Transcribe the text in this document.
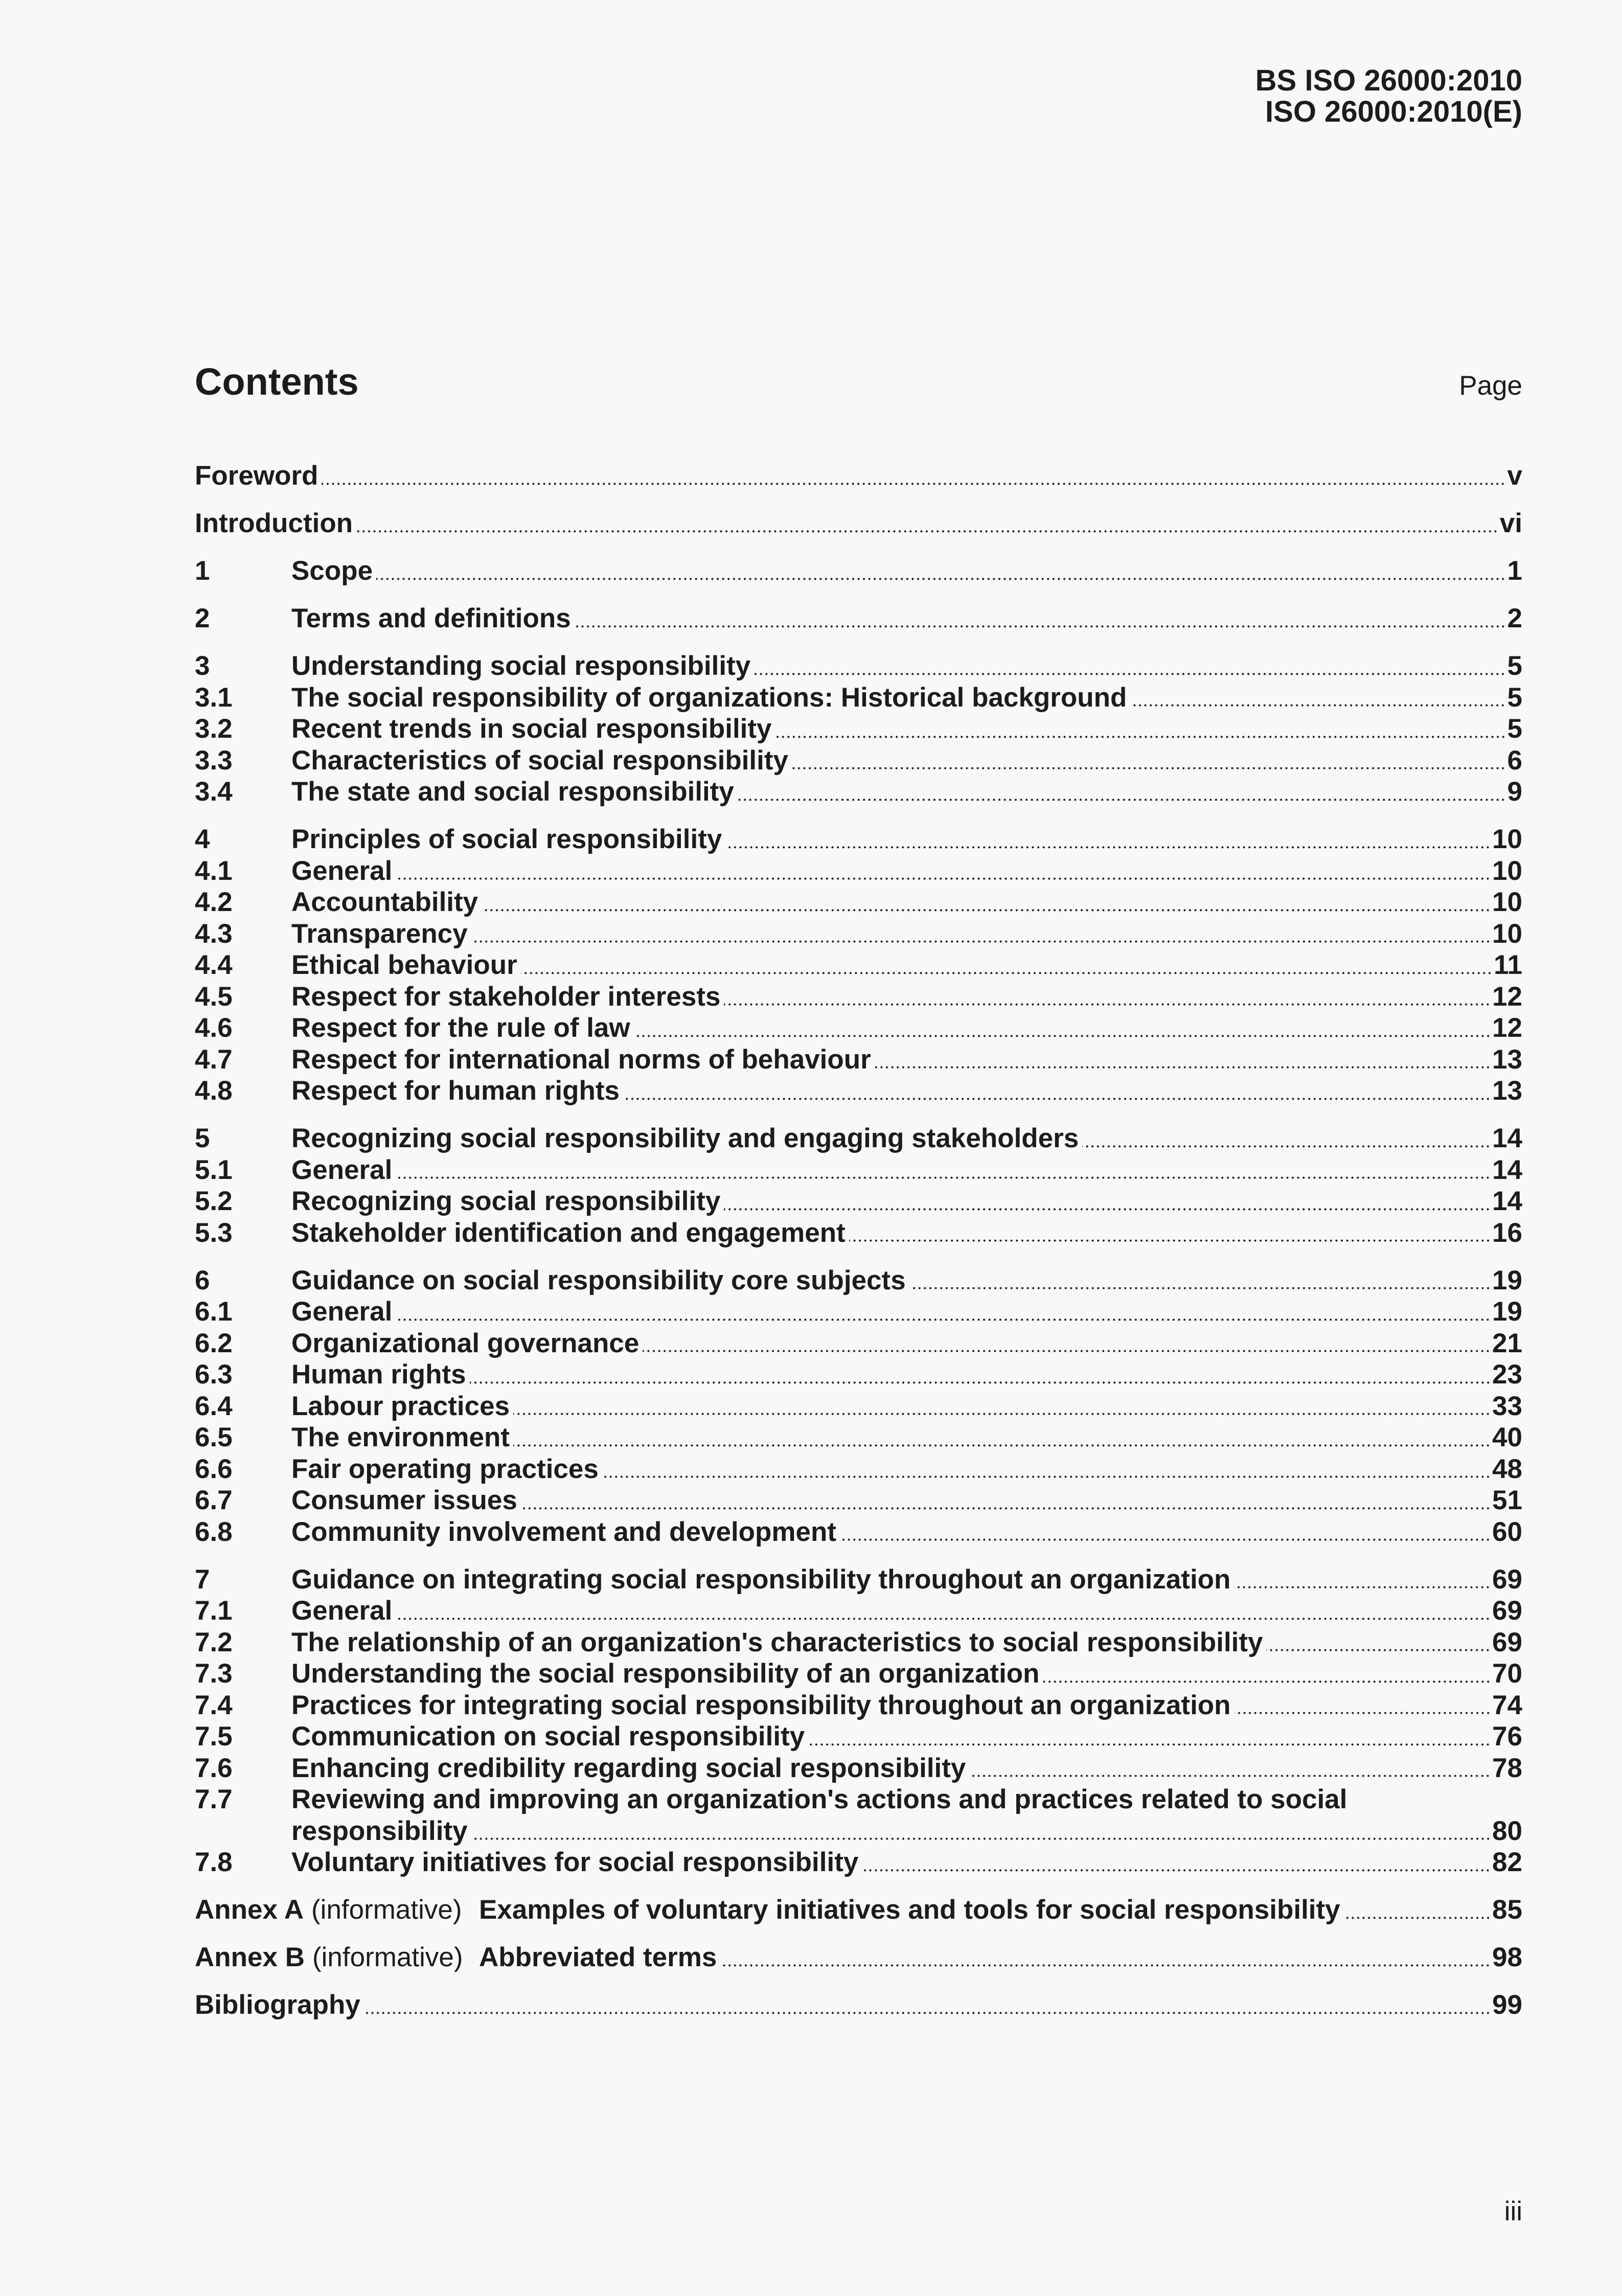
BS ISO 26000:2010
ISO 26000:2010(E)
Contents	Page
Foreword	v
Introduction	vi
1	Scope	1
2	Terms and definitions	2
3	Understanding social responsibility	5
3.1	The social responsibility of organizations: Historical background	5
3.2	Recent trends in social responsibility	5
3.3	Characteristics of social responsibility	6
3.4	The state and social responsibility	9
4	Principles of social responsibility	10
4.1	General	10
4.2	Accountability	10
4.3	Transparency	10
4.4	Ethical behaviour	11
4.5	Respect for stakeholder interests	12
4.6	Respect for the rule of law	12
4.7	Respect for international norms of behaviour	13
4.8	Respect for human rights	13
5	Recognizing social responsibility and engaging stakeholders	14
5.1	General	14
5.2	Recognizing social responsibility	14
5.3	Stakeholder identification and engagement	16
6	Guidance on social responsibility core subjects	19
6.1	General	19
6.2	Organizational governance	21
6.3	Human rights	23
6.4	Labour practices	33
6.5	The environment	40
6.6	Fair operating practices	48
6.7	Consumer issues	51
6.8	Community involvement and development	60
7	Guidance on integrating social responsibility throughout an organization	69
7.1	General	69
7.2	The relationship of an organization's characteristics to social responsibility	69
7.3	Understanding the social responsibility of an organization	70
7.4	Practices for integrating social responsibility throughout an organization	74
7.5	Communication on social responsibility	76
7.6	Enhancing credibility regarding social responsibility	78
7.7	Reviewing and improving an organization's actions and practices related to social
responsibility	80
7.8	Voluntary initiatives for social responsibility	82
Annex A (informative) Examples of voluntary initiatives and tools for social responsibility	85
Annex B (informative) Abbreviated terms	98
Bibliography	99
iii
